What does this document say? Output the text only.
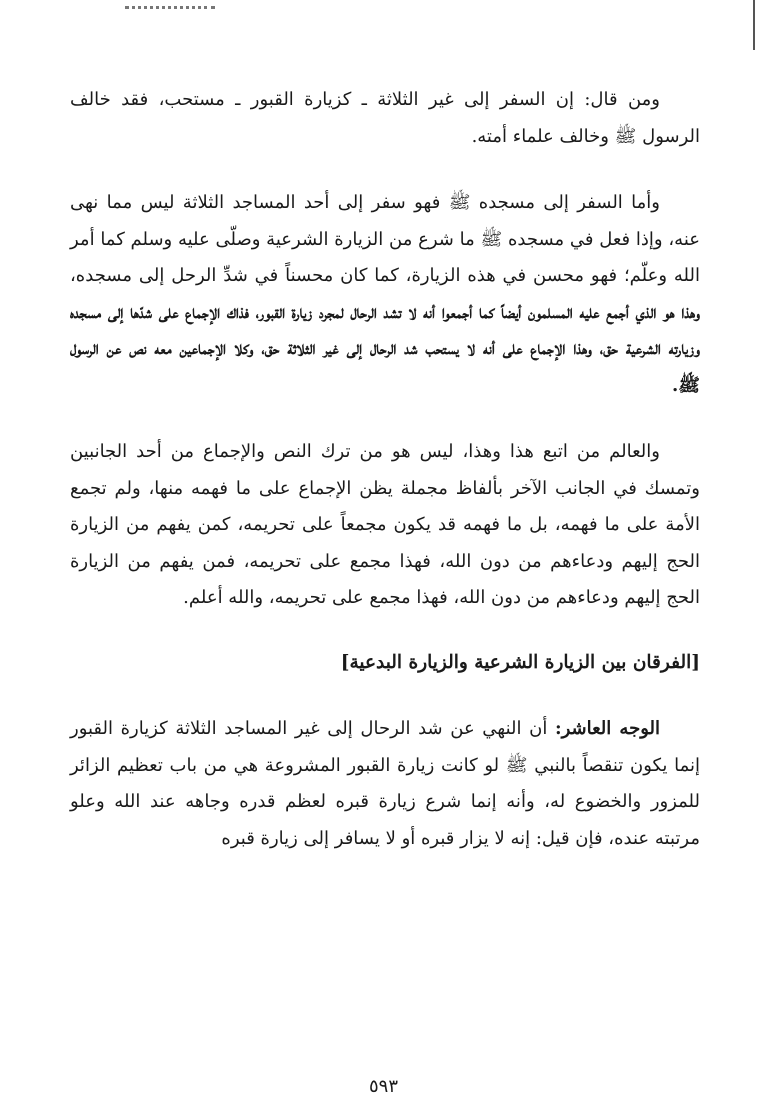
ومن قال: إن السفر إلى غير الثلاثة ـ كزيارة القبور ـ مستحب، فقد خالف الرسول ﷺ وخالف علماء أمته.

وأما السفر إلى مسجده ﷺ فهو سفر إلى أحد المساجد الثلاثة ليس مما نهى عنه، وإذا فعل في مسجده ﷺ ما شرع من الزيارة الشرعية وصلّى عليه وسلم كما أمر الله وعلّم؛ فهو محسن في هذه الزيارة، كما كان محسناً في شدِّ الرحل إلى مسجده، وهذا هو الذي أجمع عليه المسلمون أيضاً كما أجمعوا أنه لا تشد الرحال لمجرد زيارة القبور، فذاك الإجماع على شدّها إلى مسجده وزيارته الشرعية حق، وهذا الإجماع على أنه لا يستحب شد الرحال إلى غير الثلاثة حق، وكلا الإجماعين معه نص عن الرسول ﷺ.

والعالم من اتبع هذا وهذا، ليس هو من ترك النص والإجماع من أحد الجانبين وتمسك في الجانب الآخر بألفاظ مجملة يظن الإجماع على ما فهمه منها، ولم تجمع الأمة على ما فهمه، بل ما فهمه قد يكون مجمعاً على تحريمه، كمن يفهم من الزيارة الحج إليهم ودعاءهم من دون الله، فهذا مجمع على تحريمه، فمن يفهم من الزيارة الحج إليهم ودعاءهم من دون الله، فهذا مجمع على تحريمه، والله أعلم.

[الفرقان بين الزيارة الشرعية والزيارة البدعية]

الوجه العاشر: أن النهي عن شد الرحال إلى غير المساجد الثلاثة كزيارة القبور إنما يكون تنقصاً بالنبي ﷺ لو كانت زيارة القبور المشروعة هي من باب تعظيم الزائر للمزور والخضوع له، وأنه إنما شرع زيارة قبره لعظم قدره وجاهه عند الله وعلو مرتبته عنده، فإن قيل: إنه لا يزار قبره أو لا يسافر إلى زيارة قبره

٥٩٣
